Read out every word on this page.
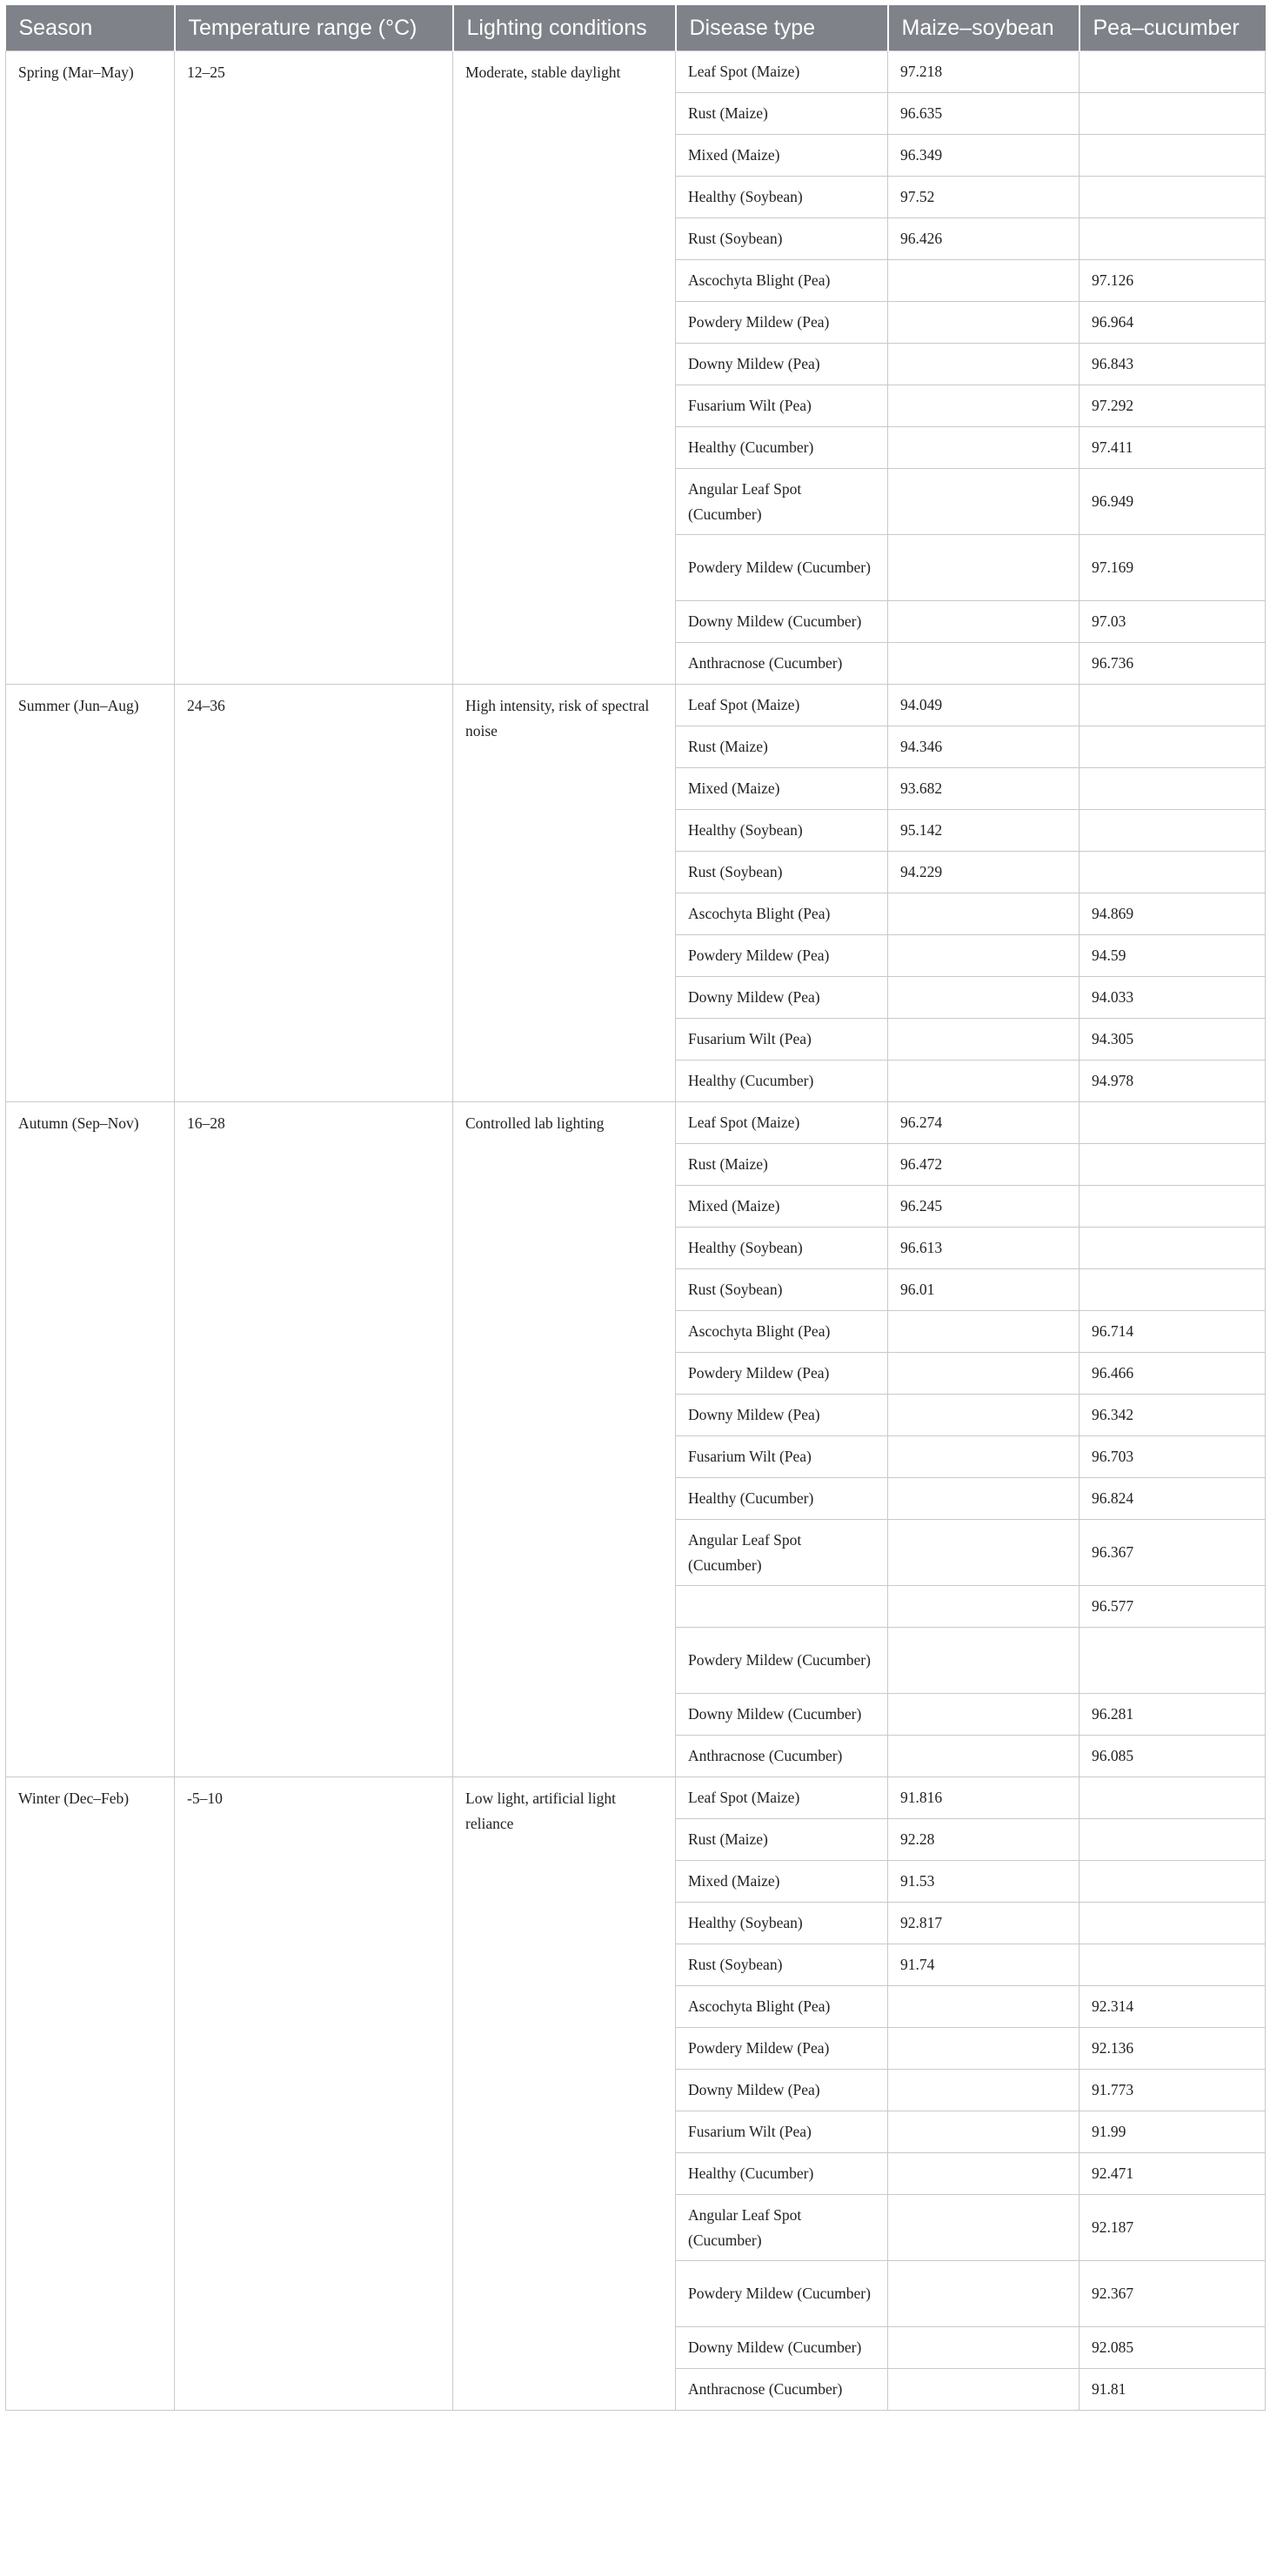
Season	Temperature range (°C)	Lighting conditions	Disease type	Maize–soybean	Pea–cucumber
Spring (Mar–May)	12–25	Moderate, stable daylight	Leaf Spot (Maize)	97.218	
			Rust (Maize)	96.635	
			Mixed (Maize)	96.349	
			Healthy (Soybean)	97.52	
			Rust (Soybean)	96.426	
			Ascochyta Blight (Pea)		97.126
			Powdery Mildew (Pea)		96.964
			Downy Mildew (Pea)		96.843
			Fusarium Wilt (Pea)		97.292
			Healthy (Cucumber)		97.411
			Angular Leaf Spot (Cucumber)		96.949
			Powdery Mildew (Cucumber)		97.169
			Downy Mildew (Cucumber)		97.03
			Anthracnose (Cucumber)		96.736
Summer (Jun–Aug)	24–36	High intensity, risk of spectral noise	Leaf Spot (Maize)	94.049	
			Rust (Maize)	94.346	
			Mixed (Maize)	93.682	
			Healthy (Soybean)	95.142	
			Rust (Soybean)	94.229	
			Ascochyta Blight (Pea)		94.869
			Powdery Mildew (Pea)		94.59
			Downy Mildew (Pea)		94.033
			Fusarium Wilt (Pea)		94.305
			Healthy (Cucumber)		94.978
Autumn (Sep–Nov)	16–28	Controlled lab lighting	Leaf Spot (Maize)	96.274	
			Rust (Maize)	96.472	
			Mixed (Maize)	96.245	
			Healthy (Soybean)	96.613	
			Rust (Soybean)	96.01	
			Ascochyta Blight (Pea)		96.714
			Powdery Mildew (Pea)		96.466
			Downy Mildew (Pea)		96.342
			Fusarium Wilt (Pea)		96.703
			Healthy (Cucumber)		96.824
			Angular Leaf Spot (Cucumber)		96.367
					96.577
			Powdery Mildew (Cucumber)		
			Downy Mildew (Cucumber)		96.281
			Anthracnose (Cucumber)		96.085
Winter (Dec–Feb)	-5–10	Low light, artificial light reliance	Leaf Spot (Maize)	91.816	
			Rust (Maize)	92.28	
			Mixed (Maize)	91.53	
			Healthy (Soybean)	92.817	
			Rust (Soybean)	91.74	
			Ascochyta Blight (Pea)		92.314
			Powdery Mildew (Pea)		92.136
			Downy Mildew (Pea)		91.773
			Fusarium Wilt (Pea)		91.99
			Healthy (Cucumber)		92.471
			Angular Leaf Spot (Cucumber)		92.187
			Powdery Mildew (Cucumber)		92.367
			Downy Mildew (Cucumber)		92.085
			Anthracnose (Cucumber)		91.81
